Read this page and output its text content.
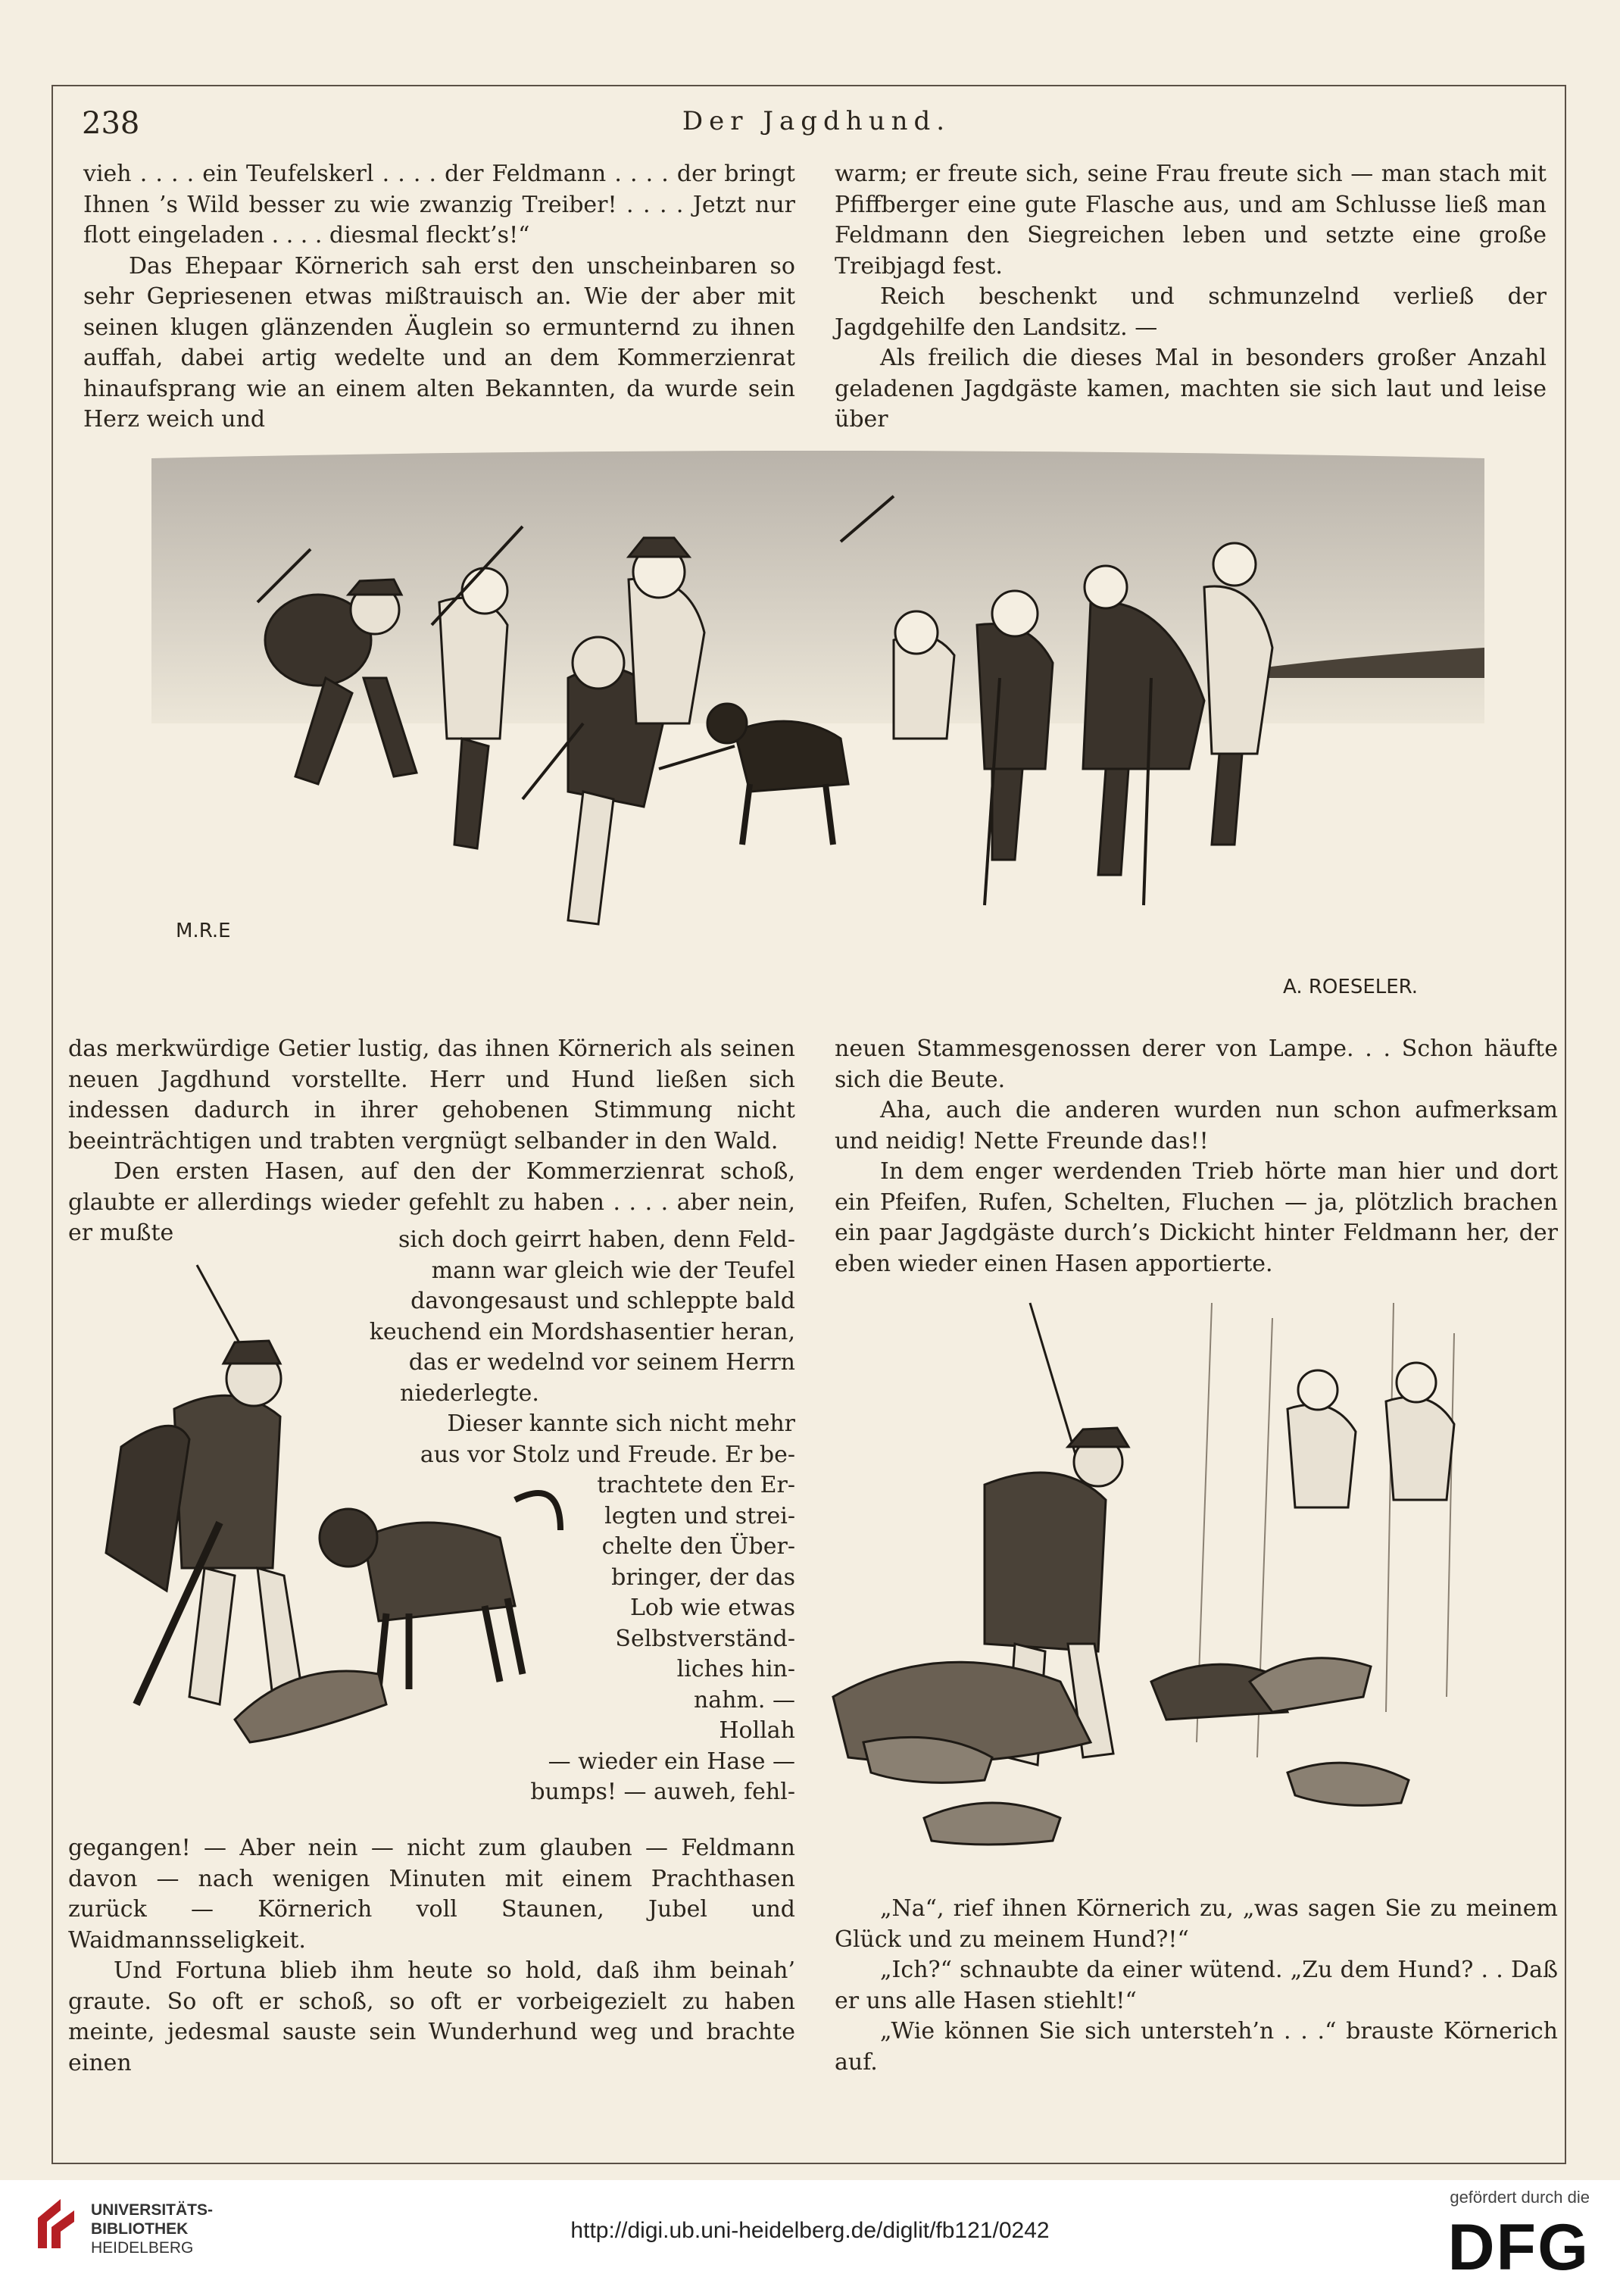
238	Der Jagdhund.

vieh . . . . ein Teufelskerl . . . . der Feldmann . . . . der bringt Ihnen ’s Wild besser zu wie zwanzig Treiber! . . . . Jetzt nur flott eingeladen . . . . diesmal fleckt’s!“

Das Ehepaar Körnerich sah erst den unscheinbaren so sehr Gepriesenen etwas mißtrauisch an. Wie der aber mit seinen klugen glänzenden Äuglein so ermunternd zu ihnen auffah, dabei artig wedelte und an dem Kommerzienrat hinaufsprang wie an einem alten Bekannten, da wurde sein Herz weich und

warm; er freute sich, seine Frau freute sich — man stach mit Pfiffberger eine gute Flasche aus, und am Schlusse ließ man Feldmann den Siegreichen leben und setzte eine große Treibjagd fest.

Reich beschenkt und schmunzelnd verließ der Jagdgehilfe den Landsitz. —

Als freilich die dieses Mal in besonders großer Anzahl geladenen Jagdgäste kamen, machten sie sich laut und leise über

M.R.E
A. ROESELER.

das merkwürdige Getier lustig, das ihnen Körnerich als seinen neuen Jagdhund vorstellte. Herr und Hund ließen sich indessen dadurch in ihrer gehobenen Stimmung nicht beeinträchtigen und trabten vergnügt selbander in den Wald.

Den ersten Hasen, auf den der Kommerzienrat schoß, glaubte er allerdings wieder gefehlt zu haben . . . . aber nein, er mußte	sich doch geirrt haben, denn Feld-
mann war gleich wie der Teufel
davongesaust und schleppte bald
keuchend ein Mordshasentier heran,
das er wedelnd vor seinem Herrn
niederlegte.
Dieser kannte sich nicht mehr
aus vor Stolz und Freude. Er be-
trachtete den Er-
legten und strei-
chelte den Über-
bringer, der das
Lob wie etwas
Selbstverständ-
liches hin-
nahm. —
Hollah
— wieder ein Hase —
bumps! — auweh, fehl-

gegangen! — Aber nein — nicht zum glauben — Feldmann davon — nach wenigen Minuten mit einem Prachthasen zurück — Körnerich voll Staunen, Jubel und Waidmannsseligkeit.

Und Fortuna blieb ihm heute so hold, daß ihm beinah’ graute. So oft er schoß, so oft er vorbeigezielt zu haben meinte, jedesmal sauste sein Wunderhund weg und brachte einen

neuen Stammesgenossen derer von Lampe. . . Schon häufte sich die Beute.

Aha, auch die anderen wurden nun schon aufmerksam und neidig! Nette Freunde das!!

In dem enger werdenden Trieb hörte man hier und dort ein Pfeifen, Rufen, Schelten, Fluchen — ja, plötzlich brachen ein paar Jagdgäste durch’s Dickicht hinter Feldmann her, der eben wieder einen Hasen apportierte.

„Na“, rief ihnen Körnerich zu, „was sagen Sie zu meinem Glück und zu meinem Hund?!“

„Ich?“ schnaubte da einer wütend. „Zu dem Hund? . . Daß er uns alle Hasen stiehlt!“

„Wie können Sie sich untersteh’n . . .“ brauste Körnerich auf.

UNIVERSITÄTS-
BIBLIOTHEK
HEIDELBERG
http://digi.ub.uni-heidelberg.de/diglit/fb121/0242
gefördert durch die
DFG
